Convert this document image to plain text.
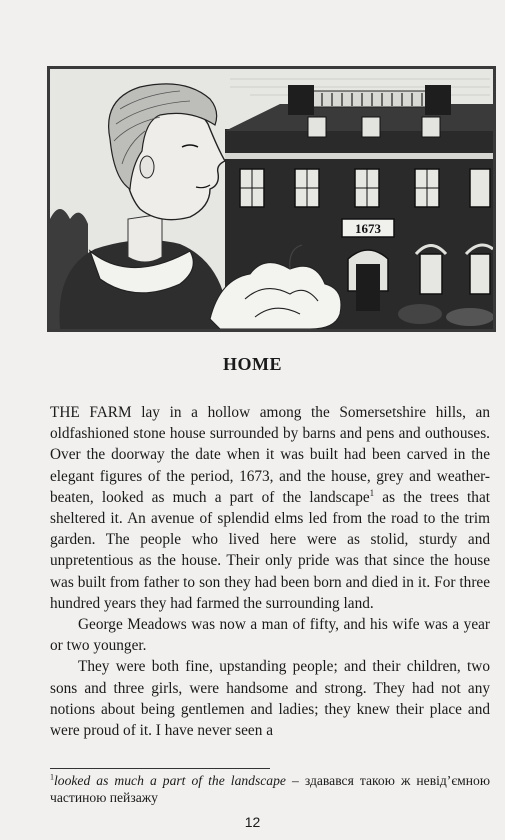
1673
HOME

THE FARM lay in a hollow among the Somersetshire hills, an oldfashioned stone house surrounded by barns and pens and outhouses. Over the doorway the date when it was built had been carved in the elegant figures of the period, 1673, and the house, grey and weather-beaten, looked as much a part of the landscape$^1$ as the trees that sheltered it. An avenue of splendid elms led from the road to the trim garden. The people who lived here were as stolid, sturdy and unpretentious as the house. Their only pride was that since the house was built from father to son they had been born and died in it. For three hundred years they had farmed the surrounding land.

George Meadows was now a man of fifty, and his wife was a year or two younger.

They were both fine, upstanding people; and their children, two sons and three girls, were handsome and strong. They had not any notions about being gentlemen and ladies; they knew their place and were proud of it. I have never seen a

$^1$looked as much a part of the landscape – здавався такою ж невід’ємною частиною пейзажу
12
